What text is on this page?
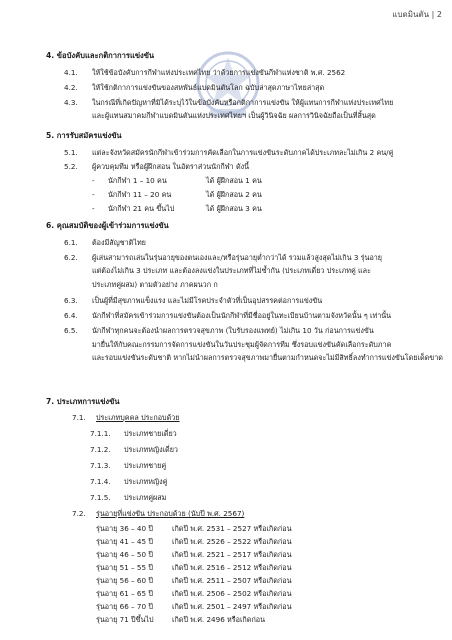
แบดมินตัน | 2
4. ข้อบังคับและกติกาการแข่งขัน
4.1. ให้ใช้ข้อบังคับการกีฬาแห่งประเทศไทย ว่าด้วยการแข่งขันกีฬาแห่งชาติ พ.ศ. 2562
4.2. ให้ใช้กติกาการแข่งขันของสหพันธ์แบดมินตันโลก ฉบับล่าสุดภาษาไทยล่าสุด
4.3. ในกรณีที่เกิดปัญหาที่มิได้ระบุไว้ในข้อบังคับหรือกติกาการแข่งขัน ให้ผู้แทนการกีฬาแห่งประเทศไทย
และผู้แทนสมาคมกีฬาแบดมินตันแห่งประเทศไทยฯ เป็นผู้วินิจฉัย ผลการวินิจฉัยถือเป็นที่สิ้นสุด
5. การรับสมัครแข่งขัน
5.1. แต่ละจังหวัดสมัครนักกีฬาเข้าร่วมการคัดเลือกในการแข่งขันระดับภาคได้ประเภทละไม่เกิน 2 คน/คู่
5.2. ผู้ควบคุมทีม หรือผู้ฝึกสอน ในอัตราส่วนนักกีฬา ดังนี้
- นักกีฬา 1 – 10 คน	ได้ ผู้ฝึกสอน 1 คน
- นักกีฬา 11 – 20 คน	ได้ ผู้ฝึกสอน 2 คน
- นักกีฬา 21 คน ขึ้นไป	ได้ ผู้ฝึกสอน 3 คน
6. คุณสมบัติของผู้เข้าร่วมการแข่งขัน
6.1. ต้องมีสัญชาติไทย
6.2. ผู้เล่นสามารถเล่นในรุ่นอายุของตนเองและ/หรือรุ่นอายุต่ำกว่าได้ รวมแล้วสูงสุดไม่เกิน 3 รุ่นอายุ
แต่ต้องไม่เกิน 3 ประเภท และต้องลงแข่งในประเภทที่ไม่ซ้ำกัน (ประเภทเดี่ยว ประเภทคู่ และ
ประเภทคู่ผสม) ตามตัวอย่าง ภาคผนวก ก
6.3. เป็นผู้ที่มีสุขภาพแข็งแรง และไม่มีโรคประจำตัวที่เป็นอุปสรรคต่อการแข่งขัน
6.4. นักกีฬาที่สมัครเข้าร่วมการแข่งขันต้องเป็นนักกีฬาที่มีชื่ออยู่ในทะเบียนบ้านตามจังหวัดนั้น ๆ เท่านั้น
6.5. นักกีฬาทุกคนจะต้องนำผลการตรวจสุขภาพ (ใบรับรองแพทย์) ไม่เกิน 10 วัน ก่อนการแข่งขัน
มายื่นให้กับคณะกรรมการจัดการแข่งขันในวันประชุมผู้จัดการทีม ซึ่งรอบแข่งขันคัดเลือกระดับภาค
และรอบแข่งขันระดับชาติ หากไม่นำผลการตรวจสุขภาพมายื่นตามกำหนดจะไม่มีสิทธิ์ลงทำการแข่งขันโดยเด็ดขาด
7. ประเภทการแข่งขัน
7.1. ประเภทบุคคล ประกอบด้วย
7.1.1. ประเภทชายเดี่ยว
7.1.2. ประเภทหญิงเดี่ยว
7.1.3. ประเภทชายคู่
7.1.4. ประเภทหญิงคู่
7.1.5. ประเภทคู่ผสม
7.2. รุ่นอายุที่แข่งขัน ประกอบด้วย (นับปี พ.ศ. 2567)
รุ่นอายุ 36 – 40 ปี	เกิดปี พ.ศ. 2531 – 2527 หรือเกิดก่อน
รุ่นอายุ 41 – 45 ปี	เกิดปี พ.ศ. 2526 – 2522 หรือเกิดก่อน
รุ่นอายุ 46 – 50 ปี	เกิดปี พ.ศ. 2521 – 2517 หรือเกิดก่อน
รุ่นอายุ 51 – 55 ปี	เกิดปี พ.ศ. 2516 – 2512 หรือเกิดก่อน
รุ่นอายุ 56 – 60 ปี	เกิดปี พ.ศ. 2511 – 2507 หรือเกิดก่อน
รุ่นอายุ 61 – 65 ปี	เกิดปี พ.ศ. 2506 – 2502 หรือเกิดก่อน
รุ่นอายุ 66 – 70 ปี	เกิดปี พ.ศ. 2501 – 2497 หรือเกิดก่อน
รุ่นอายุ 71 ปีขึ้นไป	เกิดปี พ.ศ. 2496 หรือเกิดก่อน
